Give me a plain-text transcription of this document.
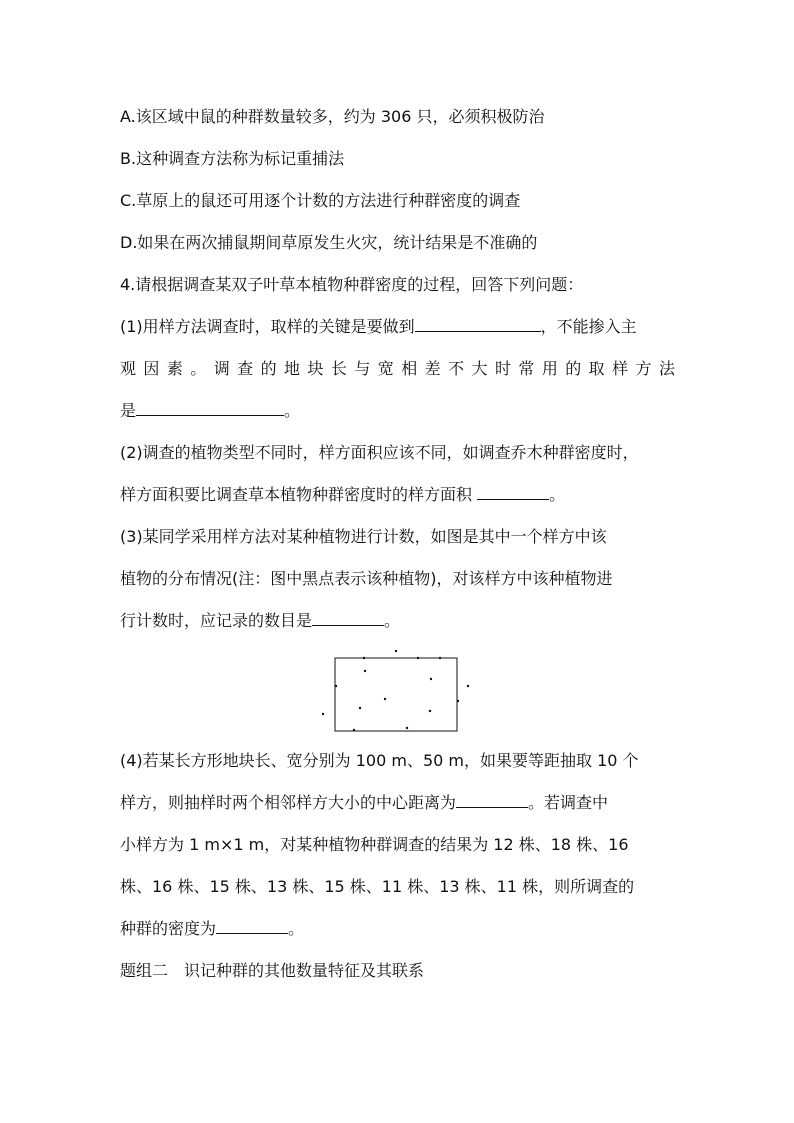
A.该区域中鼠的种群数量较多，约为 306 只，必须积极防治
B.这种调查方法称为标记重捕法
C.草原上的鼠还可用逐个计数的方法进行种群密度的调查
D.如果在两次捕鼠期间草原发生火灾，统计结果是不准确的
4.请根据调查某双子叶草本植物种群密度的过程，回答下列问题：
(1)用样方法调查时，取样的关键是要做到	，不能掺入主
观因素。调查的地块长与宽相差不大时常用的取样方法
是	。
(2)调查的植物类型不同时，样方面积应该不同，如调查乔木种群密度时，
样方面积要比调查草本植物种群密度时的样方面积	。
(3)某同学采用样方法对某种植物进行计数，如图是其中一个样方中该
植物的分布情况(注：图中黑点表示该种植物)，对该样方中该种植物进
行计数时，应记录的数目是	。
(4)若某长方形地块长、宽分别为 100 m、50 m，如果要等距抽取 10 个
样方，则抽样时两个相邻样方大小的中心距离为	。若调查中
小样方为 1 m×1 m，对某种植物种群调查的结果为 12 株、18 株、16
株、16 株、15 株、13 株、15 株、11 株、13 株、11 株，则所调查的
种群的密度为	。
题组二　识记种群的其他数量特征及其联系
